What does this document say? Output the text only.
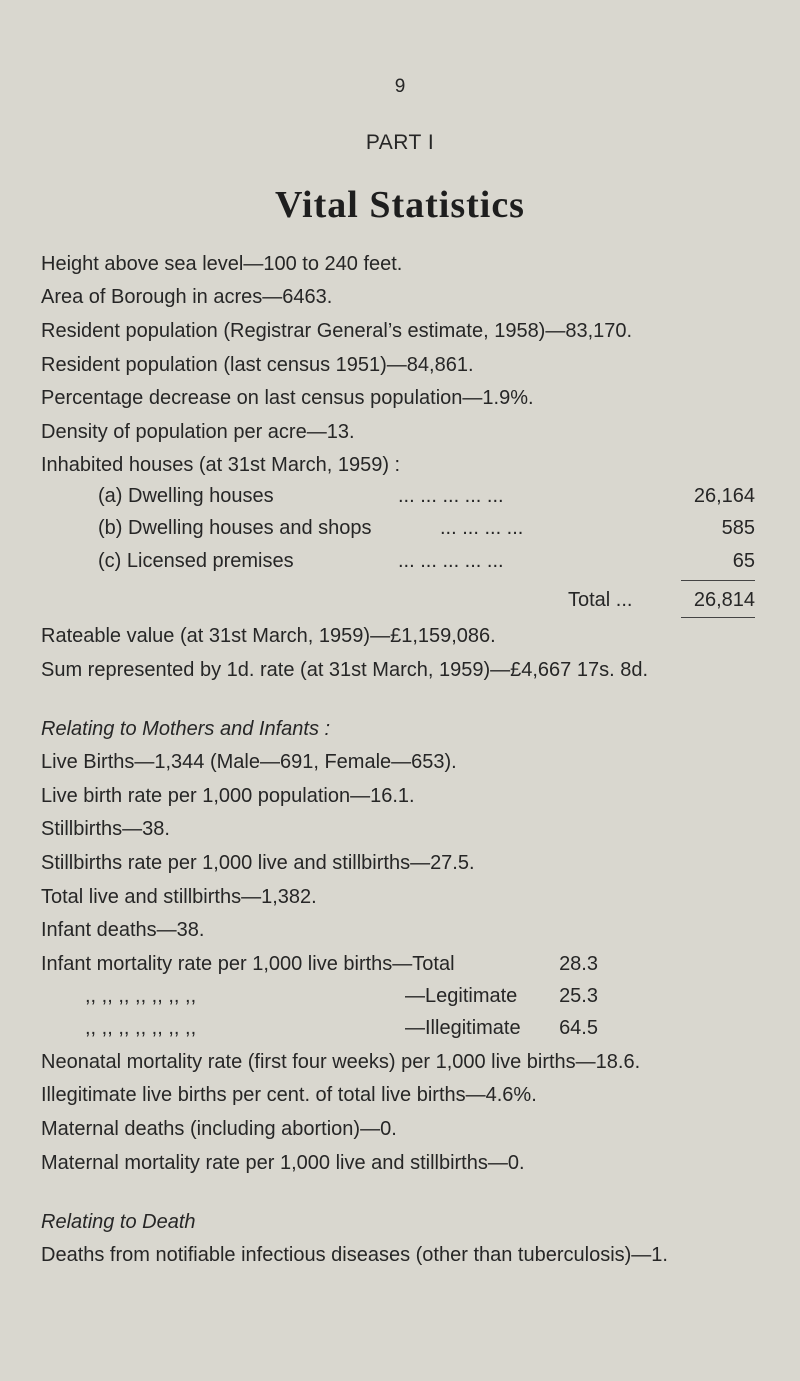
9
PART I
Vital Statistics
Height above sea level—100 to 240 feet.
Area of Borough in acres—6463.
Resident population (Registrar General’s estimate, 1958)—83,170.
Resident population (last census 1951)—84,861.
Percentage decrease on last census population—1.9%.
Density of population per acre—13.
Inhabited houses (at 31st March, 1959) :
(a) Dwelling houses	... ... ... ... ...	26,164
(b) Dwelling houses and shops	... ... ... ...	585
(c) Licensed premises	... ... ... ... ...	65
Total ...	26,814
Rateable value (at 31st March, 1959)—£1,159,086.
Sum represented by 1d. rate (at 31st March, 1959)—£4,667 17s. 8d.
Relating to Mothers and Infants :
Live Births—1,344 (Male—691, Female—653).
Live birth rate per 1,000 population—16.1.
Stillbirths—38.
Stillbirths rate per 1,000 live and stillbirths—27.5.
Total live and stillbirths—1,382.
Infant deaths—38.
Infant mortality rate per 1,000 live births—Total	28.3
,, ,, ,, ,, ,, ,, ,,	—Legitimate	25.3
,, ,, ,, ,, ,, ,, ,,	—Illegitimate	64.5
Neonatal mortality rate (first four weeks) per 1,000 live births—18.6.
Illegitimate live births per cent. of total live births—4.6%.
Maternal deaths (including abortion)—0.
Maternal mortality rate per 1,000 live and stillbirths—0.
Relating to Death
Deaths from notifiable infectious diseases (other than tuberculosis)—1.
